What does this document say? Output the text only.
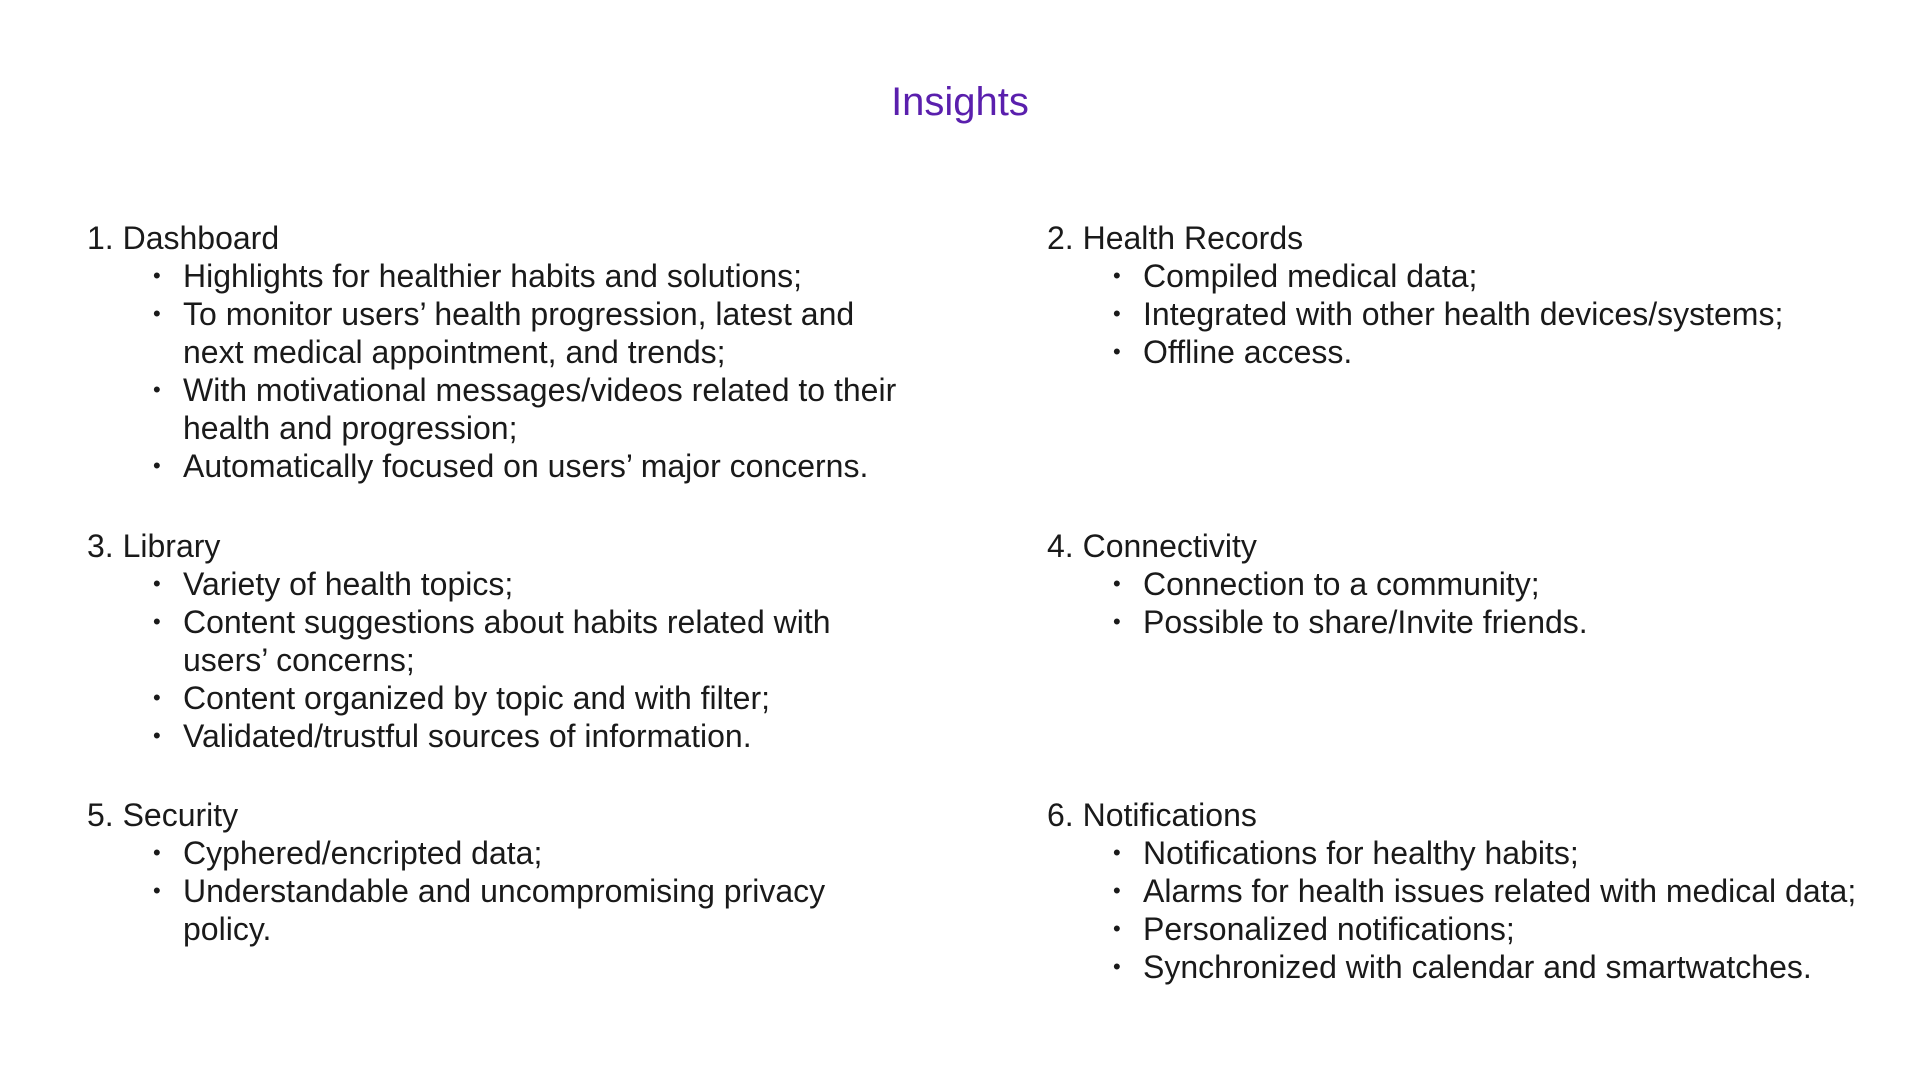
Insights

1. Dashboard

• Highlights for healthier habits and solutions;
• To monitor users’ health progression, latest and next medical appointment, and trends;
• With motivational messages/videos related to their health and progression;
• Automatically focused on users’ major concerns.

2. Health Records

• Compiled medical data;
• Integrated with other health devices/systems;
• Offline access.

3. Library

• Variety of health topics;
• Content suggestions about habits related with users’ concerns;
• Content organized by topic and with filter;
• Validated/trustful sources of information.

4. Connectivity

• Connection to a community;
• Possible to share/Invite friends.

5. Security

• Cyphered/encripted data;
• Understandable and uncompromising privacy policy.

6. Notifications

• Notifications for healthy habits;
• Alarms for health issues related with medical data;
• Personalized notifications;
• Synchronized with calendar and smartwatches.
